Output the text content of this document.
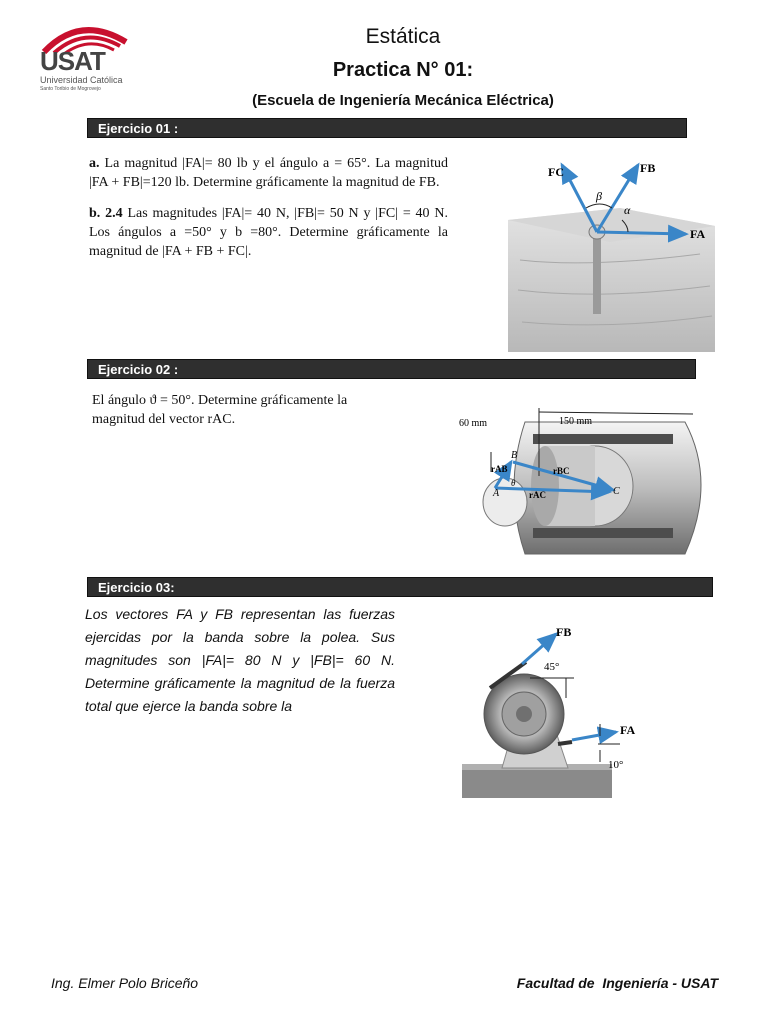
USAT
Universidad Católica
Santo Toribio de Mogrovejo
Estática
Practica N° 01:
(Escuela de Ingeniería Mecánica Eléctrica)
Ejercicio 01 :

a. La magnitud |FA|= 80 lb y el ángulo a = 65°. La magnitud |FA + FB|=120 lb. Determine gráficamente la magnitud de FB.

b. 2.4 Las magnitudes |FA|= 40 N, |FB|= 50 N y |FC| = 40 N. Los ángulos a =50° y b =80°. Determine gráficamente la magnitud de |FA + FB + FC|.

FC	FB
FA
β
α
Ejercicio 02 :
El ángulo ϑ = 50°. Determine gráficamente la magnitud del vector rAC.	60 mm	150 mm
B
A	C
rAB	rBC
rAC
θ
Ejercicio 03:
Los vectores FA y FB representan las fuerzas ejercidas por la banda sobre la polea. Sus magnitudes son |FA|= 80 N y |FB|= 60 N. Determine gráficamente la magnitud de la fuerza total que ejerce la banda sobre la
FB
FA
45°
10°
Ing. Elmer Polo Briceño	Facultad de  Ingeniería - USAT
